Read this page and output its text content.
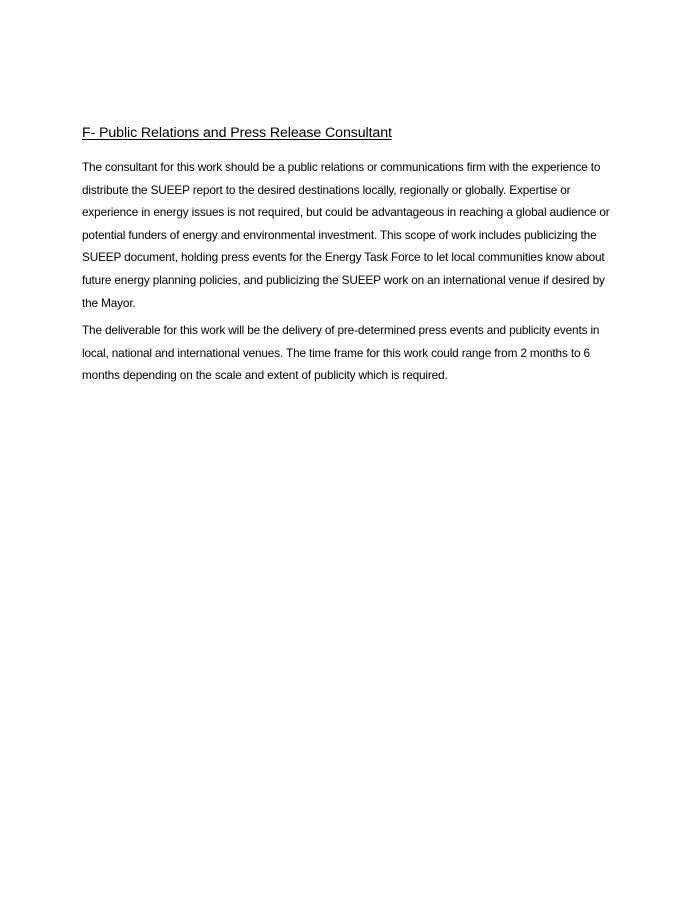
F- Public Relations and Press Release Consultant

The consultant for this work should be a public relations or communications firm with the experience to
distribute the SUEEP report to the desired destinations locally, regionally or globally. Expertise or
experience in energy issues is not required, but could be advantageous in reaching a global audience or
potential funders of energy and environmental investment. This scope of work includes publicizing the
SUEEP document, holding press events for the Energy Task Force to let local communities know about
future energy planning policies, and publicizing the SUEEP work on an international venue if desired by
the Mayor.

The deliverable for this work will be the delivery of pre-determined press events and publicity events in
local, national and international venues. The time frame for this work could range from 2 months to 6
months depending on the scale and extent of publicity which is required.
